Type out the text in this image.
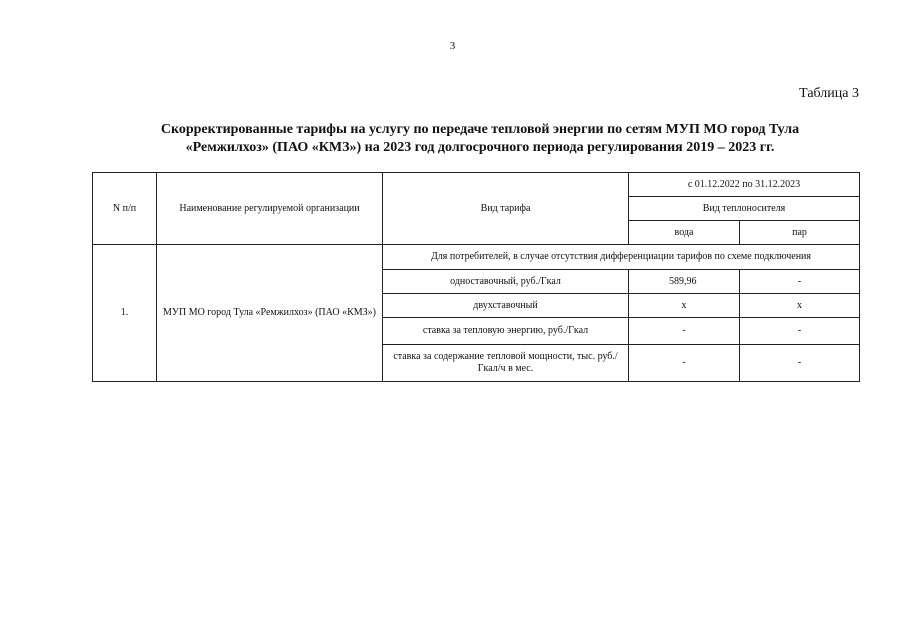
3
Таблица 3
Скорректированные тарифы на услугу по передаче тепловой энергии по сетям МУП МО город Тула
«Ремжилхоз» (ПАО «КМЗ») на 2023 год долгосрочного периода регулирования 2019 – 2023 гг.
N п/п	Наименование регулируемой организации	Вид тарифа	с 01.12.2022 по 31.12.2023	
			Вид теплоносителя	
			вода	пар
1.	МУП МО город Тула «Ремжилхоз» (ПАО «КМЗ»)	Для потребителей, в случае отсутствия дифференциации тарифов по схеме подключения		
		одноставочный, руб./Гкал	589,96	-
		двухставочный	х	х
		ставка за тепловую энергию, руб./Гкал	-	-
		ставка за содержание тепловой мощности, тыс. руб./Гкал/ч в мес.	-	-
